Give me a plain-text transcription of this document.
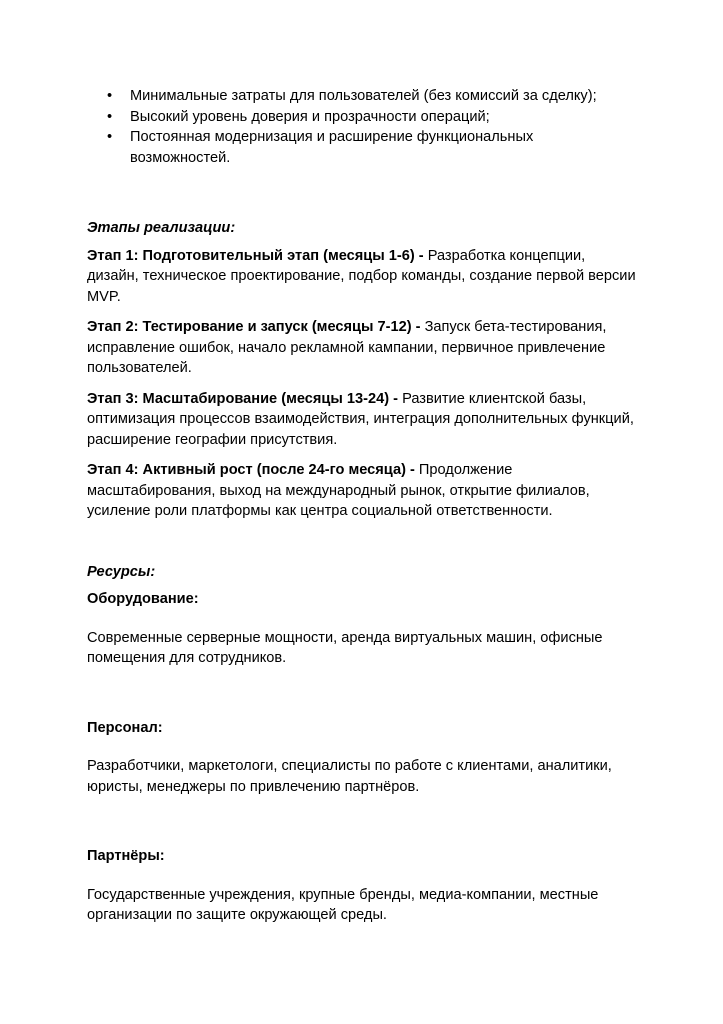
• Минимальные затраты для пользователей (без комиссий за сделку);
• Высокий уровень доверия и прозрачности операций;
• Постоянная модернизация и расширение функциональных возможностей.

Этапы реализации:

Этап 1: Подготовительный этап (месяцы 1-6) - Разработка концепции, дизайн, техническое проектирование, подбор команды, создание первой версии MVP.

Этап 2: Тестирование и запуск (месяцы 7-12) - Запуск бета-тестирования, исправление ошибок, начало рекламной кампании, первичное привлечение пользователей.

Этап 3: Масштабирование (месяцы 13-24) - Развитие клиентской базы, оптимизация процессов взаимодействия, интеграция дополнительных функций, расширение географии присутствия.

Этап 4: Активный рост (после 24-го месяца) - Продолжение масштабирования, выход на международный рынок, открытие филиалов, усиление роли платформы как центра социальной ответственности.

Ресурсы:

Оборудование:

Современные серверные мощности, аренда виртуальных машин, офисные помещения для сотрудников.

Персонал:

Разработчики, маркетологи, специалисты по работе с клиентами, аналитики, юристы, менеджеры по привлечению партнёров.

Партнёры:

Государственные учреждения, крупные бренды, медиа-компании, местные организации по защите окружающей среды.
